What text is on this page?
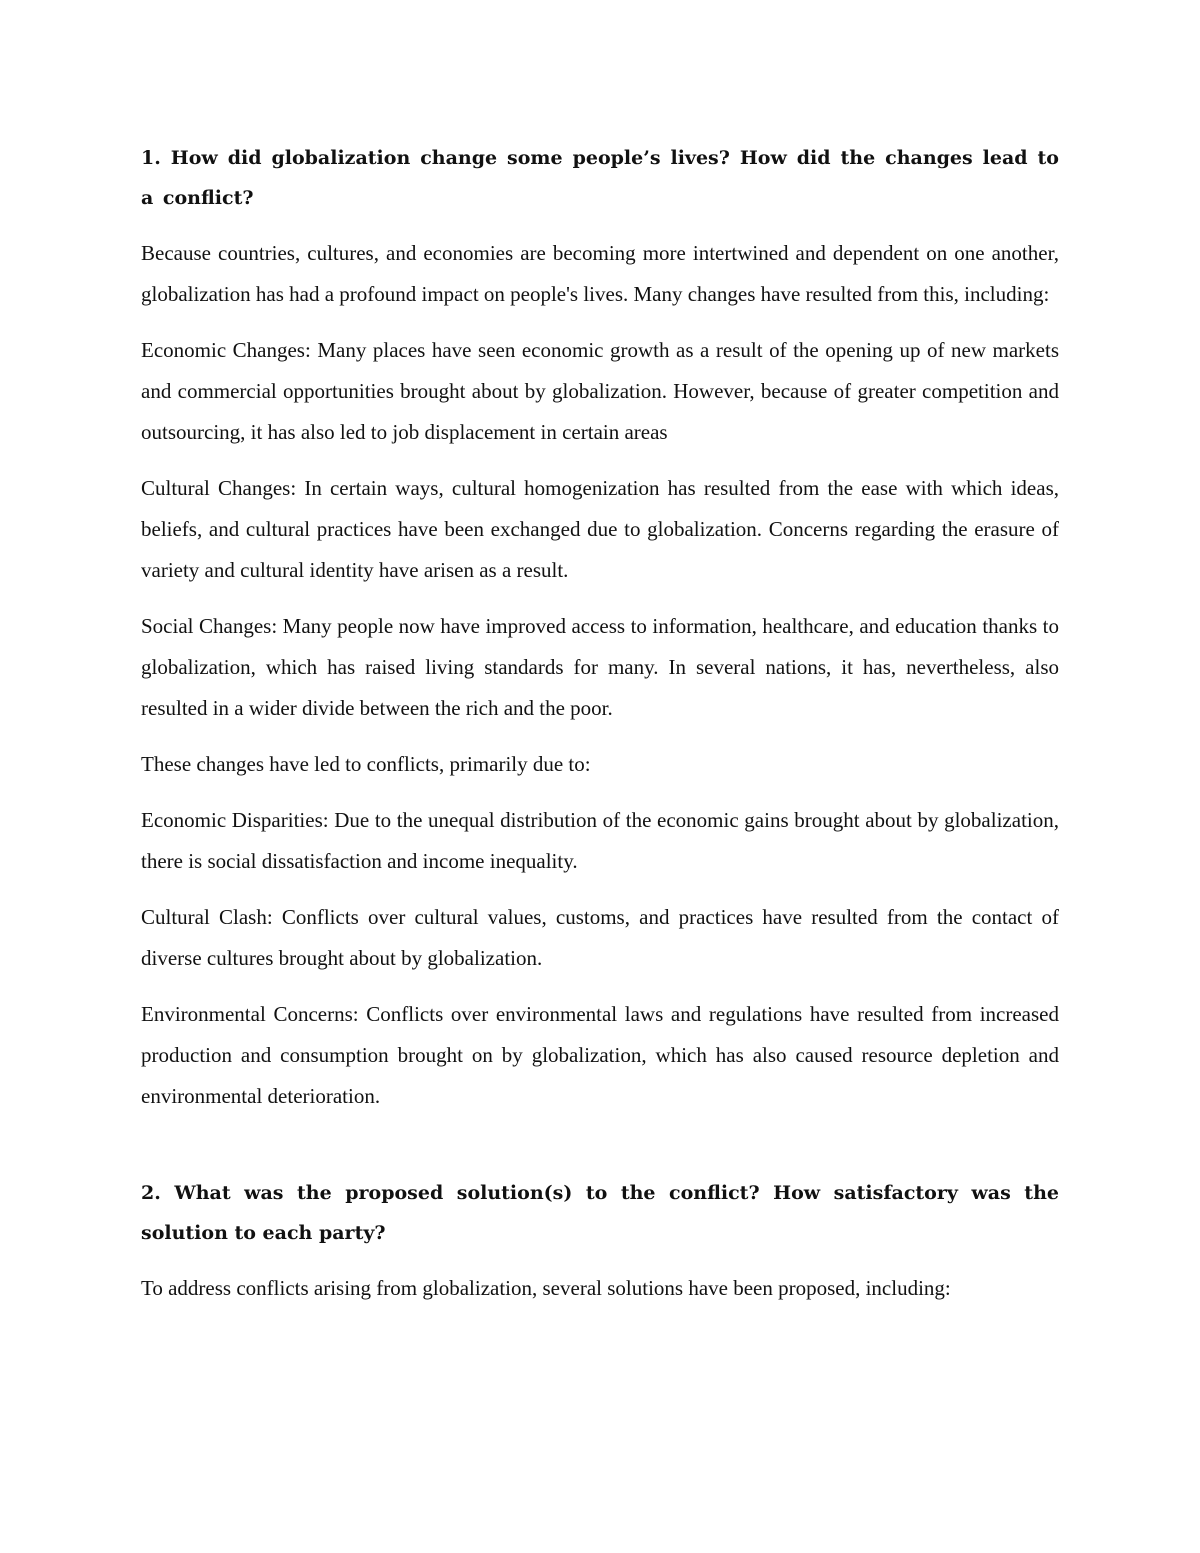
1. How did globalization change some people’s lives? How did the changes lead to a conflict?

Because countries, cultures, and economies are becoming more intertwined and dependent on one another, globalization has had a profound impact on people's lives. Many changes have resulted from this, including:

Economic Changes: Many places have seen economic growth as a result of the opening up of new markets and commercial opportunities brought about by globalization. However, because of greater competition and outsourcing, it has also led to job displacement in certain areas

Cultural Changes: In certain ways, cultural homogenization has resulted from the ease with which ideas, beliefs, and cultural practices have been exchanged due to globalization. Concerns regarding the erasure of variety and cultural identity have arisen as a result.

Social Changes: Many people now have improved access to information, healthcare, and education thanks to globalization, which has raised living standards for many. In several nations, it has, nevertheless, also resulted in a wider divide between the rich and the poor.

These changes have led to conflicts, primarily due to:

Economic Disparities: Due to the unequal distribution of the economic gains brought about by globalization, there is social dissatisfaction and income inequality.

Cultural Clash: Conflicts over cultural values, customs, and practices have resulted from the contact of diverse cultures brought about by globalization.

Environmental Concerns: Conflicts over environmental laws and regulations have resulted from increased production and consumption brought on by globalization, which has also caused resource depletion and environmental deterioration.

2. What was the proposed solution(s) to the conflict? How satisfactory was the solution to each party?

To address conflicts arising from globalization, several solutions have been proposed, including:
